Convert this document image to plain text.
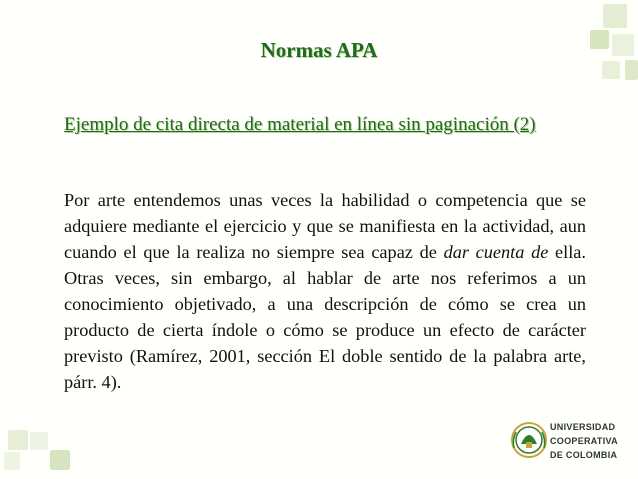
Normas APA
Ejemplo de cita directa de material en línea sin paginación (2)
Por arte entendemos unas veces la habilidad o competencia que se adquiere mediante el ejercicio y que se manifiesta en la actividad, aun cuando el que la realiza no siempre sea capaz de dar cuenta de ella. Otras veces, sin embargo, al hablar de arte nos referimos a un conocimiento objetivado, a una descripción de cómo se crea un producto de cierta índole o cómo se produce un efecto de carácter previsto (Ramírez, 2001, sección El doble sentido de la palabra arte, párr. 4).
UNIVERSIDAD
COOPERATIVA
DE COLOMBIA
